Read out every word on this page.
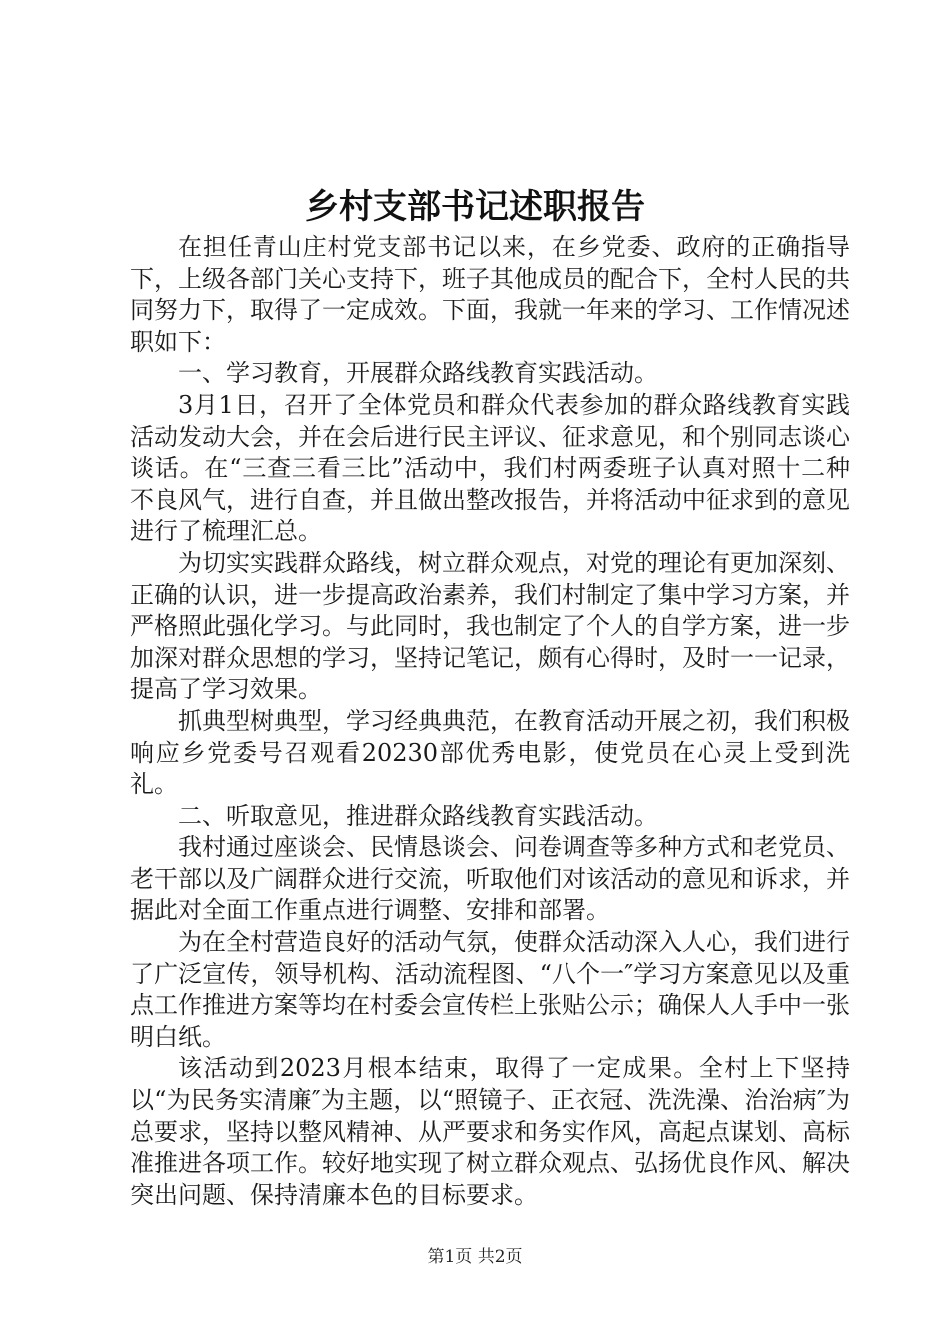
乡村支部书记述职报告

在担任青山庄村党支部书记以来，在乡党委、政府的正确指导下，上级各部门关心支持下，班子其他成员的配合下，全村人民的共同努力下，取得了一定成效。下面，我就一年来的学习、工作情况述职如下：

一、学习教育，开展群众路线教育实践活动。

3月1日，召开了全体党员和群众代表参加的群众路线教育实践活动发动大会，并在会后进行民主评议、征求意见，和个别同志谈心谈话。在“三查三看三比”活动中，我们村两委班子认真对照十二种不良风气，进行自查，并且做出整改报告，并将活动中征求到的意见进行了梳理汇总。

为切实实践群众路线，树立群众观点，对党的理论有更加深刻、正确的认识，进一步提高政治素养，我们村制定了集中学习方案，并严格照此强化学习。与此同时，我也制定了个人的自学方案，进一步加深对群众思想的学习，坚持记笔记，颇有心得时，及时一一记录，提高了学习效果。

抓典型树典型，学习经典典范，在教育活动开展之初，我们积极响应乡党委号召观看20230部优秀电影，使党员在心灵上受到洗礼。

二、听取意见，推进群众路线教育实践活动。

我村通过座谈会、民情恳谈会、问卷调查等多种方式和老党员、老干部以及广阔群众进行交流，听取他们对该活动的意见和诉求，并据此对全面工作重点进行调整、安排和部署。

为在全村营造良好的活动气氛，使群众活动深入人心，我们进行了广泛宣传，领导机构、活动流程图、“八个一″学习方案意见以及重点工作推进方案等均在村委会宣传栏上张贴公示；确保人人手中一张明白纸。

该活动到2023月根本结束，取得了一定成果。全村上下坚持以“为民务实清廉″为主题，以“照镜子、正衣冠、洗洗澡、治治病″为总要求，坚持以整风精神、从严要求和务实作风，高起点谋划、高标准推进各项工作。较好地实现了树立群众观点、弘扬优良作风、解决突出问题、保持清廉本色的目标要求。

第1页 共2页
